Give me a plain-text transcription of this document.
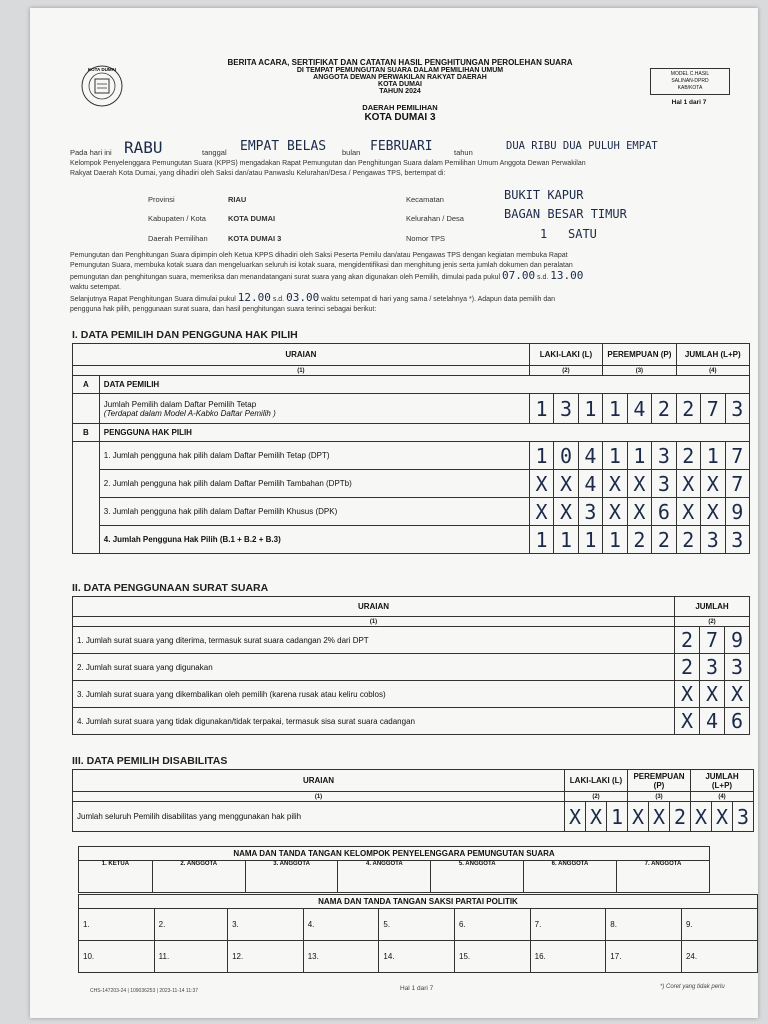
KOTA DUMAI
BERITA ACARA, SERTIFIKAT DAN CATATAN HASIL PENGHITUNGAN PEROLEHAN SUARA
DI TEMPAT PEMUNGUTAN SUARA DALAM PEMILIHAN UMUM
ANGGOTA DEWAN PERWAKILAN RAKYAT DAERAH
KOTA DUMAI
TAHUN 2024
DAERAH PEMILIHAN
KOTA DUMAI 3
MODEL C.HASIL
SALINAN-DPRD
KAB/KOTA
Hal 1 dari 7
Pada hari ini RABU	tanggal EMPAT BELAS bulan FEBRUARI	tahun
DUA RIBU DUA PULUH EMPAT
Kelompok Penyelenggara Pemungutan Suara (KPPS) mengadakan Rapat Pemungutan dan Penghitungan Suara dalam Pemilihan Umum Anggota Dewan Perwakilan
Rakyat Daerah Kota Dumai, yang dihadiri oleh Saksi dan/atau Panwaslu Kelurahan/Desa / Pengawas TPS, bertempat di:
Provinsi	RIAU
Kabupaten / Kota	KOTA DUMAI
Daerah Pemilihan	KOTA DUMAI 3
Kecamatan	BUKIT KAPUR
Kelurahan / Desa	BAGAN BESAR TIMUR
Nomor TPS	1 SATU
Pemungutan dan Penghitungan Suara dipimpin oleh Ketua KPPS dihadiri oleh Saksi Peserta Pemilu dan/atau Pengawas TPS dengan kegiatan membuka Rapat
Pemungutan Suara, membuka kotak suara dan mengeluarkan seluruh isi kotak suara, mengidentifikasi dan menghitung jenis serta jumlah dokumen dan peralatan
pemungutan dan penghitungan suara, memeriksa dan menandatangani surat suara yang akan digunakan oleh Pemilih, dimulai pada pukul 07.00 s.d. 13.00
waktu setempat.
Selanjutnya Rapat Penghitungan Suara dimulai pukul 12.00 s.d. 03.00 waktu setempat di hari yang sama / setelahnya *). Adapun data pemilih dan
pengguna hak pilih, penggunaan surat suara, dan hasil penghitungan suara terinci sebagai berikut:
I. DATA PEMILIH DAN PENGGUNA HAK PILIH
URAIAN		LAKI-LAKI (L)			PEREMPUAN (P)			JUMLAH (L+P)		
(1)		(2)			(3)			(4)		
A	DATA PEMILIH									

	Jumlah Pemilih dalam Daftar Pemilih Tetap
(Terdapat dalam Model A-Kabko Daftar Pemilih )	1	3	1	1	4	2	2	7	3
B	PENGGUNA HAK PILIH									
	1. Jumlah pengguna hak pilih dalam Daftar Pemilih Tetap (DPT)	1	0	4	1	1	3	2	1	7
	2. Jumlah pengguna hak pilih dalam Daftar Pemilih Tambahan (DPTb)	X	X	4	X	X	3	X	X	7
	3. Jumlah pengguna hak pilih dalam Daftar Pemilih Khusus (DPK)	X	X	3	X	X	6	X	X	9
	4. Jumlah Pengguna Hak Pilih (B.1 + B.2 + B.3)	1	1	1	1	2	2	2	3	3
II. DATA PENGGUNAAN SURAT SUARA
URAIAN	JUMLAH		
(1)	(2)		
1. Jumlah surat suara yang diterima, termasuk surat suara cadangan 2% dari DPT	2	7	9
2. Jumlah surat suara yang digunakan	2	3	3
3. Jumlah surat suara yang dikembalikan oleh pemilih (karena rusak atau keliru coblos)	X	X	X
4. Jumlah surat suara yang tidak digunakan/tidak terpakai, termasuk sisa surat suara cadangan	X	4	6
III. DATA PEMILIH DISABILITAS
URAIAN	LAKI-LAKI (L)			PEREMPUAN (P)			JUMLAH (L+P)		
(1)	(2)			(3)			(4)		
Jumlah seluruh Pemilih disabilitas yang menggunakan hak pilih	X	X	1	X	X	2	X	X	3
NAMA DAN TANDA TANGAN KELOMPOK PENYELENGGARA PEMUNGUTAN SUARA
1. KETUA	2. ANGGOTA	3. ANGGOTA	4. ANGGOTA	5. ANGGOTA	6. ANGGOTA	7. ANGGOTA
NAMA DAN TANDA TANGAN SAKSI PARTAI POLITIK								
1.	2.	3.	4.	5.	6.	7.	8.	9.
10.	11.	12.	13.	14.	15.	16.	17.	24.
CHS-147203-24 | 109036253 | 2023-11-14 11:37	Hal 1 dari 7	*) Coret yang tidak perlu
